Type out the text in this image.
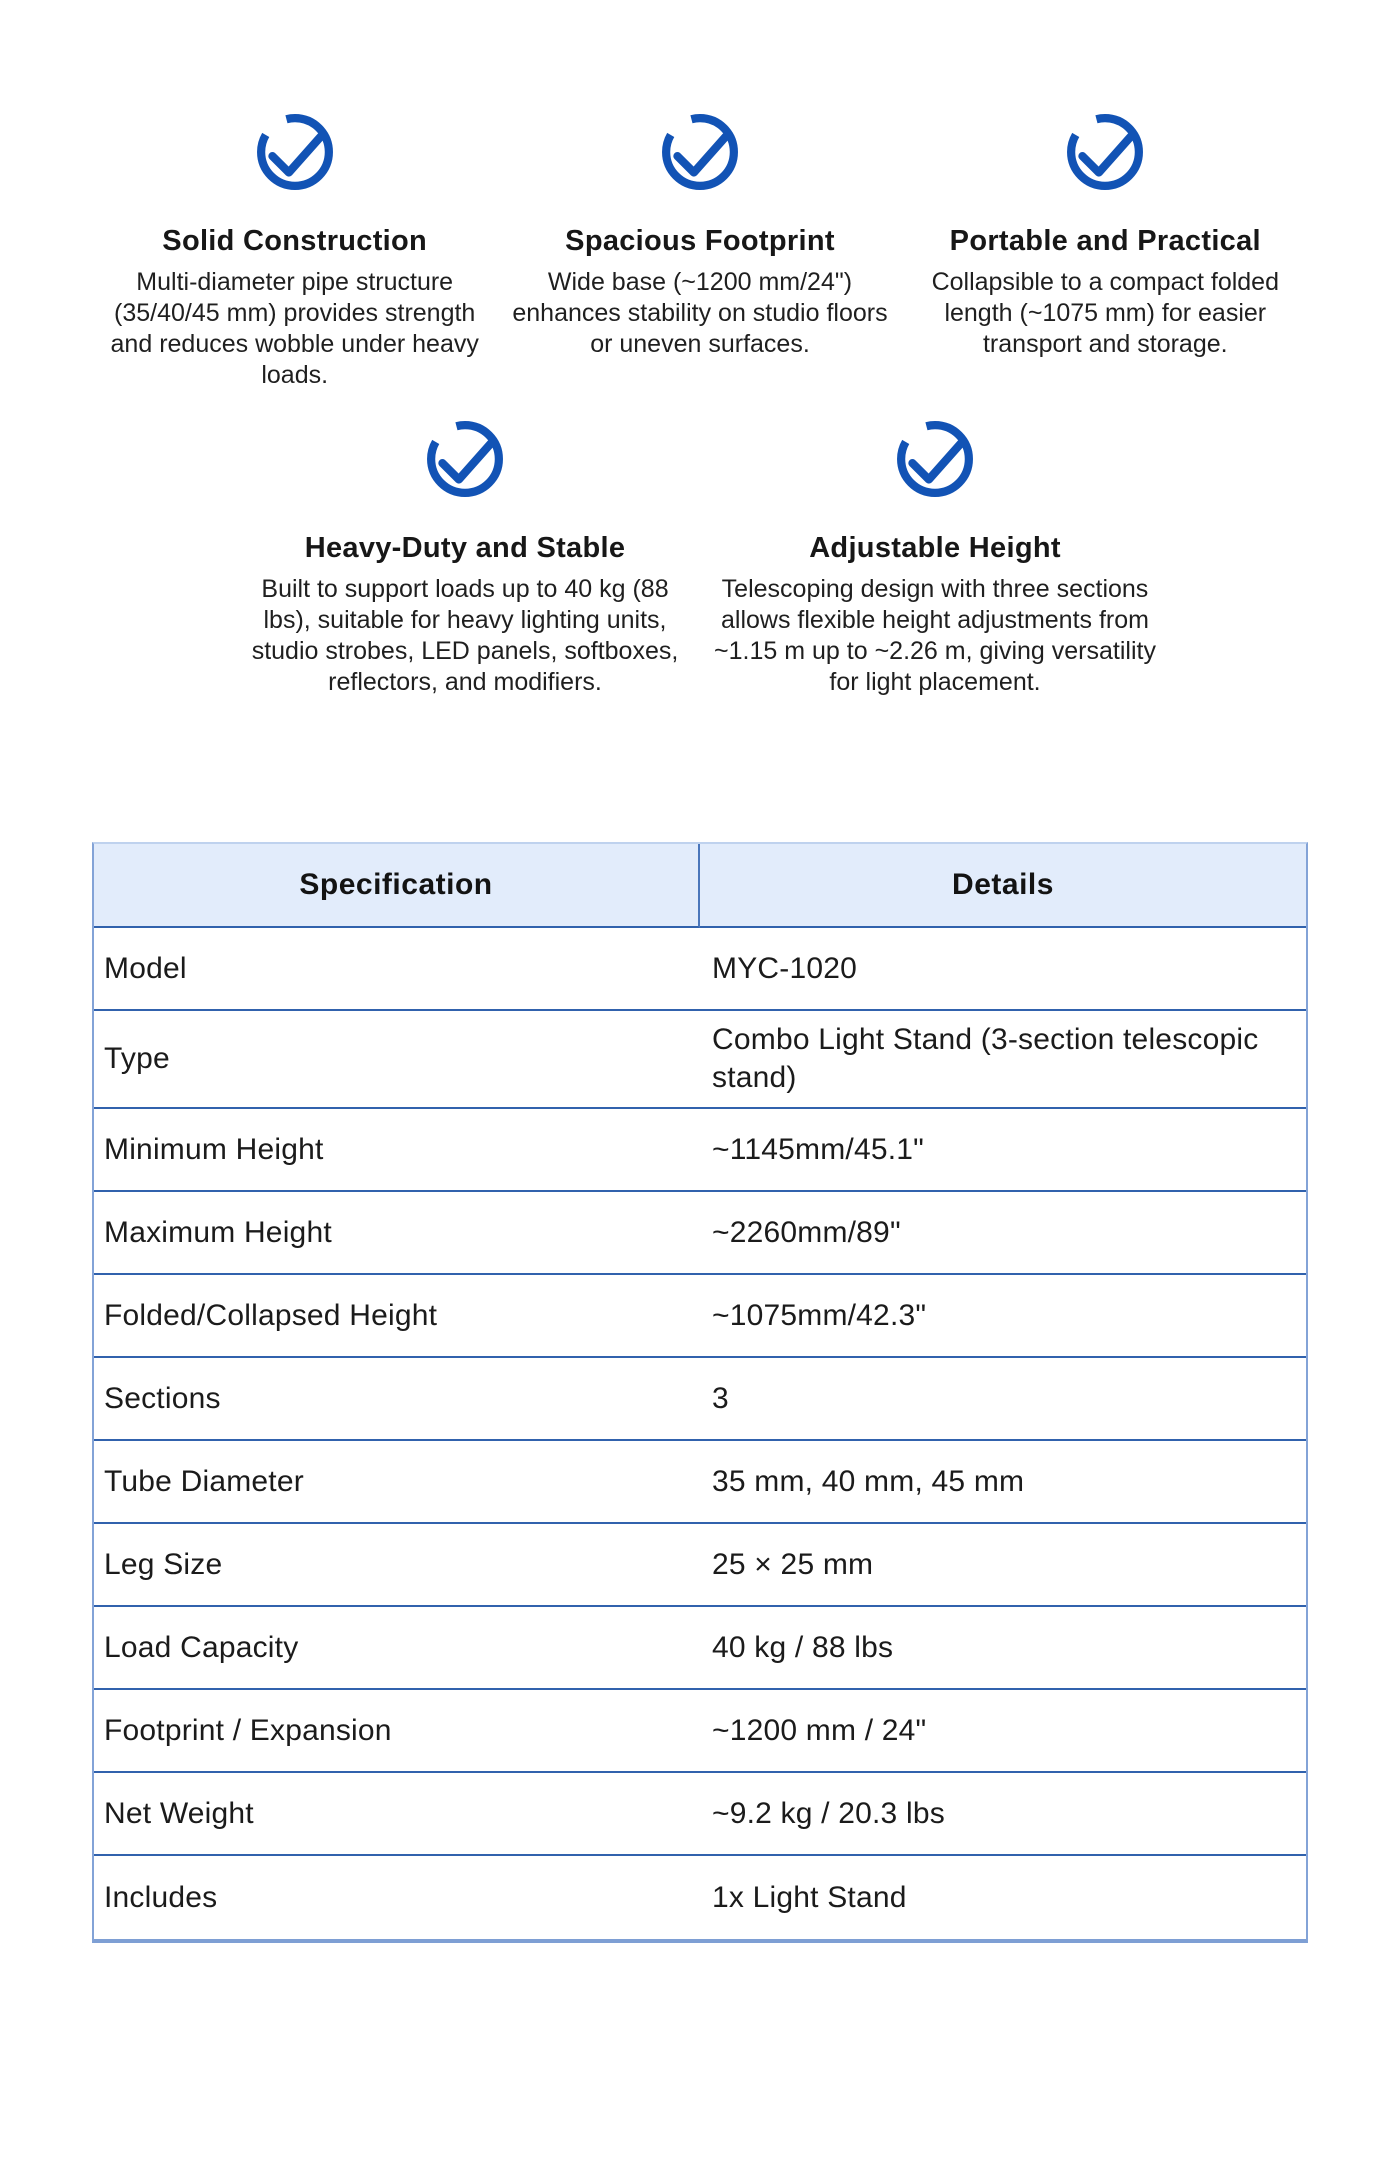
Solid Construction

Multi-diameter pipe structure (35/40/45 mm) provides strength and reduces wobble under heavy loads.

Spacious Footprint

Wide base (~1200 mm/24") enhances stability on studio floors or uneven surfaces.

Portable and Practical

Collapsible to a compact folded length (~1075 mm) for easier transport and storage.

Heavy-Duty and Stable

Built to support loads up to 40 kg (88 lbs), suitable for heavy lighting units, studio strobes, LED panels, softboxes, reflectors, and modifiers.

Adjustable Height

Telescoping design with three sections allows flexible height adjustments from ~1.15 m up to ~2.26 m, giving versatility for light placement.

Specification	Details
Model	MYC-1020
Type	Combo Light Stand (3-section telescopic stand)
Minimum Height	~1145mm/45.1"
Maximum Height	~2260mm/89"
Folded/Collapsed Height	~1075mm/42.3"
Sections	3
Tube Diameter	35 mm, 40 mm, 45 mm
Leg Size	25 × 25 mm
Load Capacity	40 kg / 88 lbs
Footprint / Expansion	~1200 mm / 24"
Net Weight	~9.2 kg / 20.3 lbs
Includes	1x Light Stand
